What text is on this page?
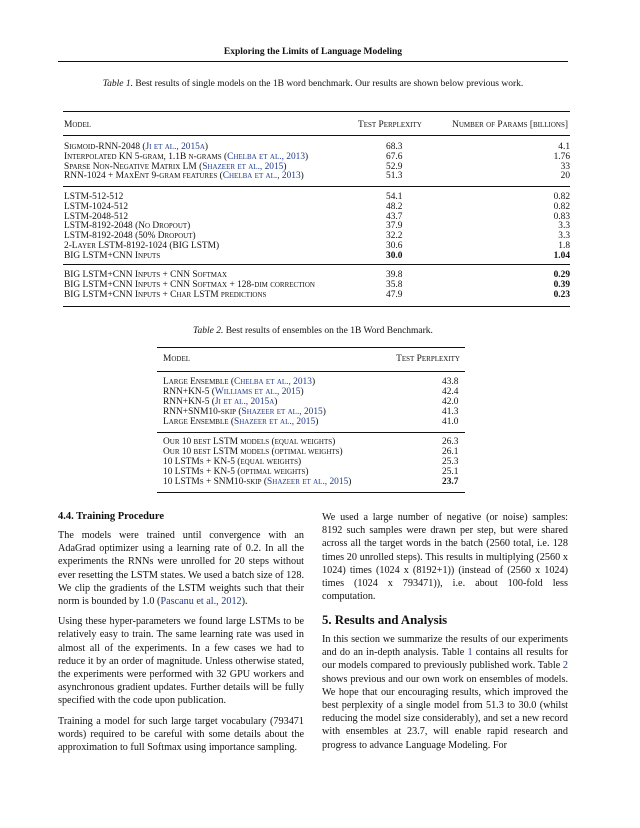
Exploring the Limits of Language Modeling
Table 1. Best results of single models on the 1B word benchmark. Our results are shown below previous work.
Model	Test Perplexity	Number of Params [billions]
Sigmoid-RNN-2048 (Ji et al., 2015a)	68.3	4.1
Interpolated KN 5-gram, 1.1B n-grams (Chelba et al., 2013)	67.6	1.76
Sparse Non-Negative Matrix LM (Shazeer et al., 2015)	52.9	33
RNN-1024 + MaxEnt 9-gram features (Chelba et al., 2013)	51.3	20
LSTM-512-512	54.1	0.82
LSTM-1024-512	48.2	0.82
LSTM-2048-512	43.7	0.83
LSTM-8192-2048 (No Dropout)	37.9	3.3
LSTM-8192-2048 (50% Dropout)	32.2	3.3
2-Layer LSTM-8192-1024 (BIG LSTM)	30.6	1.8
BIG LSTM+CNN Inputs	30.0	1.04
BIG LSTM+CNN Inputs + CNN Softmax	39.8	0.29
BIG LSTM+CNN Inputs + CNN Softmax + 128-dim correction	35.8	0.39
BIG LSTM+CNN Inputs + Char LSTM predictions	47.9	0.23
Table 2. Best results of ensembles on the 1B Word Benchmark.
Model	Test Perplexity
Large Ensemble (Chelba et al., 2013)	43.8
RNN+KN-5 (Williams et al., 2015)	42.4
RNN+KN-5 (Ji et al., 2015a)	42.0
RNN+SNM10-skip (Shazeer et al., 2015)	41.3
Large Ensemble (Shazeer et al., 2015)	41.0
Our 10 best LSTM models (equal weights)	26.3
Our 10 best LSTM models (optimal weights)	26.1
10 LSTMs + KN-5 (equal weights)	25.3
10 LSTMs + KN-5 (optimal weights)	25.1
10 LSTMs + SNM10-skip (Shazeer et al., 2015)	23.7
4.4. Training Procedure

The models were trained until convergence with an AdaGrad optimizer using a learning rate of 0.2. In all the experiments the RNNs were unrolled for 20 steps without ever resetting the LSTM states. We used a batch size of 128. We clip the gradients of the LSTM weights such that their norm is bounded by 1.0 (Pascanu et al., 2012).

Using these hyper-parameters we found large LSTMs to be relatively easy to train. The same learning rate was used in almost all of the experiments. In a few cases we had to reduce it by an order of magnitude. Unless otherwise stated, the experiments were performed with 32 GPU workers and asynchronous gradient updates. Further details will be fully specified with the code upon publication.

Training a model for such large target vocabulary (793471 words) required to be careful with some details about the approximation to full Softmax using importance sampling.

We used a large number of negative (or noise) samples: 8192 such samples were drawn per step, but were shared across all the target words in the batch (2560 total, i.e. 128 times 20 unrolled steps). This results in multiplying (2560 x 1024) times (1024 x (8192+1)) (instead of (2560 x 1024) times (1024 x 793471)), i.e. about 100-fold less computation.

5. Results and Analysis

In this section we summarize the results of our experiments and do an in-depth analysis. Table 1 contains all results for our models compared to previously published work. Table 2 shows previous and our own work on ensembles of models. We hope that our encouraging results, which improved the best perplexity of a single model from 51.3 to 30.0 (whilst reducing the model size considerably), and set a new record with ensembles at 23.7, will enable rapid research and progress to advance Language Modeling. For
